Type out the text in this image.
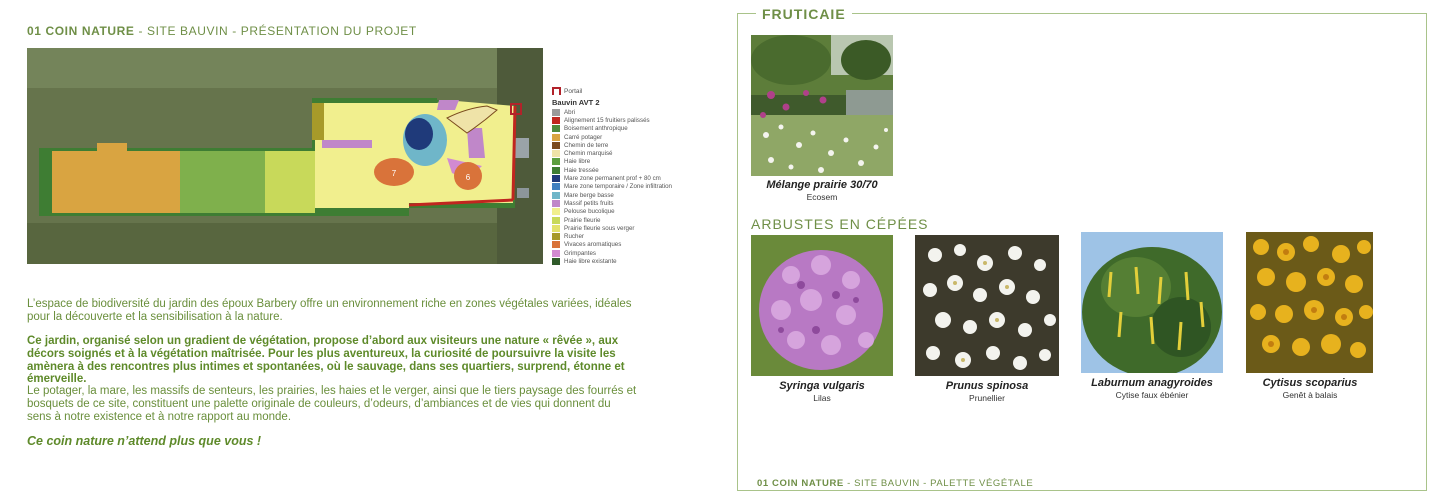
01 COIN NATURE - SITE BAUVIN - PRÉSENTATION DU PROJET
7	6
Portail
Bauvin AVT 2
Abri
Alignement 15 fruitiers palissés
Boisement anthropique
Carré potager
Chemin de terre
Chemin marquisé
Haie libre
Haie tressée
Mare zone permanent prof + 80 cm
Mare zone temporaire / Zone infiltration
Mare berge basse
Massif petits fruits
Pelouse bucolique
Prairie fleurie
Prairie fleurie sous verger
Rucher
Vivaces aromatiques
Grimpantes
Haie libre existante
L’espace de biodiversité du jardin des époux Barbery offre un environnement riche en zones végétales variées, idéales pour la découverte et la sensibilisation à la nature.
Ce jardin, organisé selon un gradient de végétation, propose d’abord aux visiteurs une nature « rêvée », aux décors soignés et à la végétation maîtrisée. Pour les plus aventureux, la curiosité de poursuivre la visite les amènera à des rencontres plus intimes et spontanées, où le sauvage, dans ses quartiers, surprend, étonne et émerveille.
Le potager, la mare, les massifs de senteurs, les prairies, les haies et le verger, ainsi que le tiers paysage des fourrés et bosquets de ce site, constituent une palette originale de couleurs, d’odeurs, d’ambiances et de vies qui donnent du sens à notre existence et à notre rapport au monde.
Ce coin nature n’attend plus que vous !
FRUTICAIE
Mélange prairie 30/70
Ecosem
ARBUSTES EN CÉPÉES
Syringa vulgaris
Lilas
Prunus spinosa
Prunellier
Laburnum anagyroides
Cytise faux ébénier
Cytisus scoparius
Genêt à balais
01 COIN NATURE - SITE BAUVIN - PALETTE VÉGÉTALE
